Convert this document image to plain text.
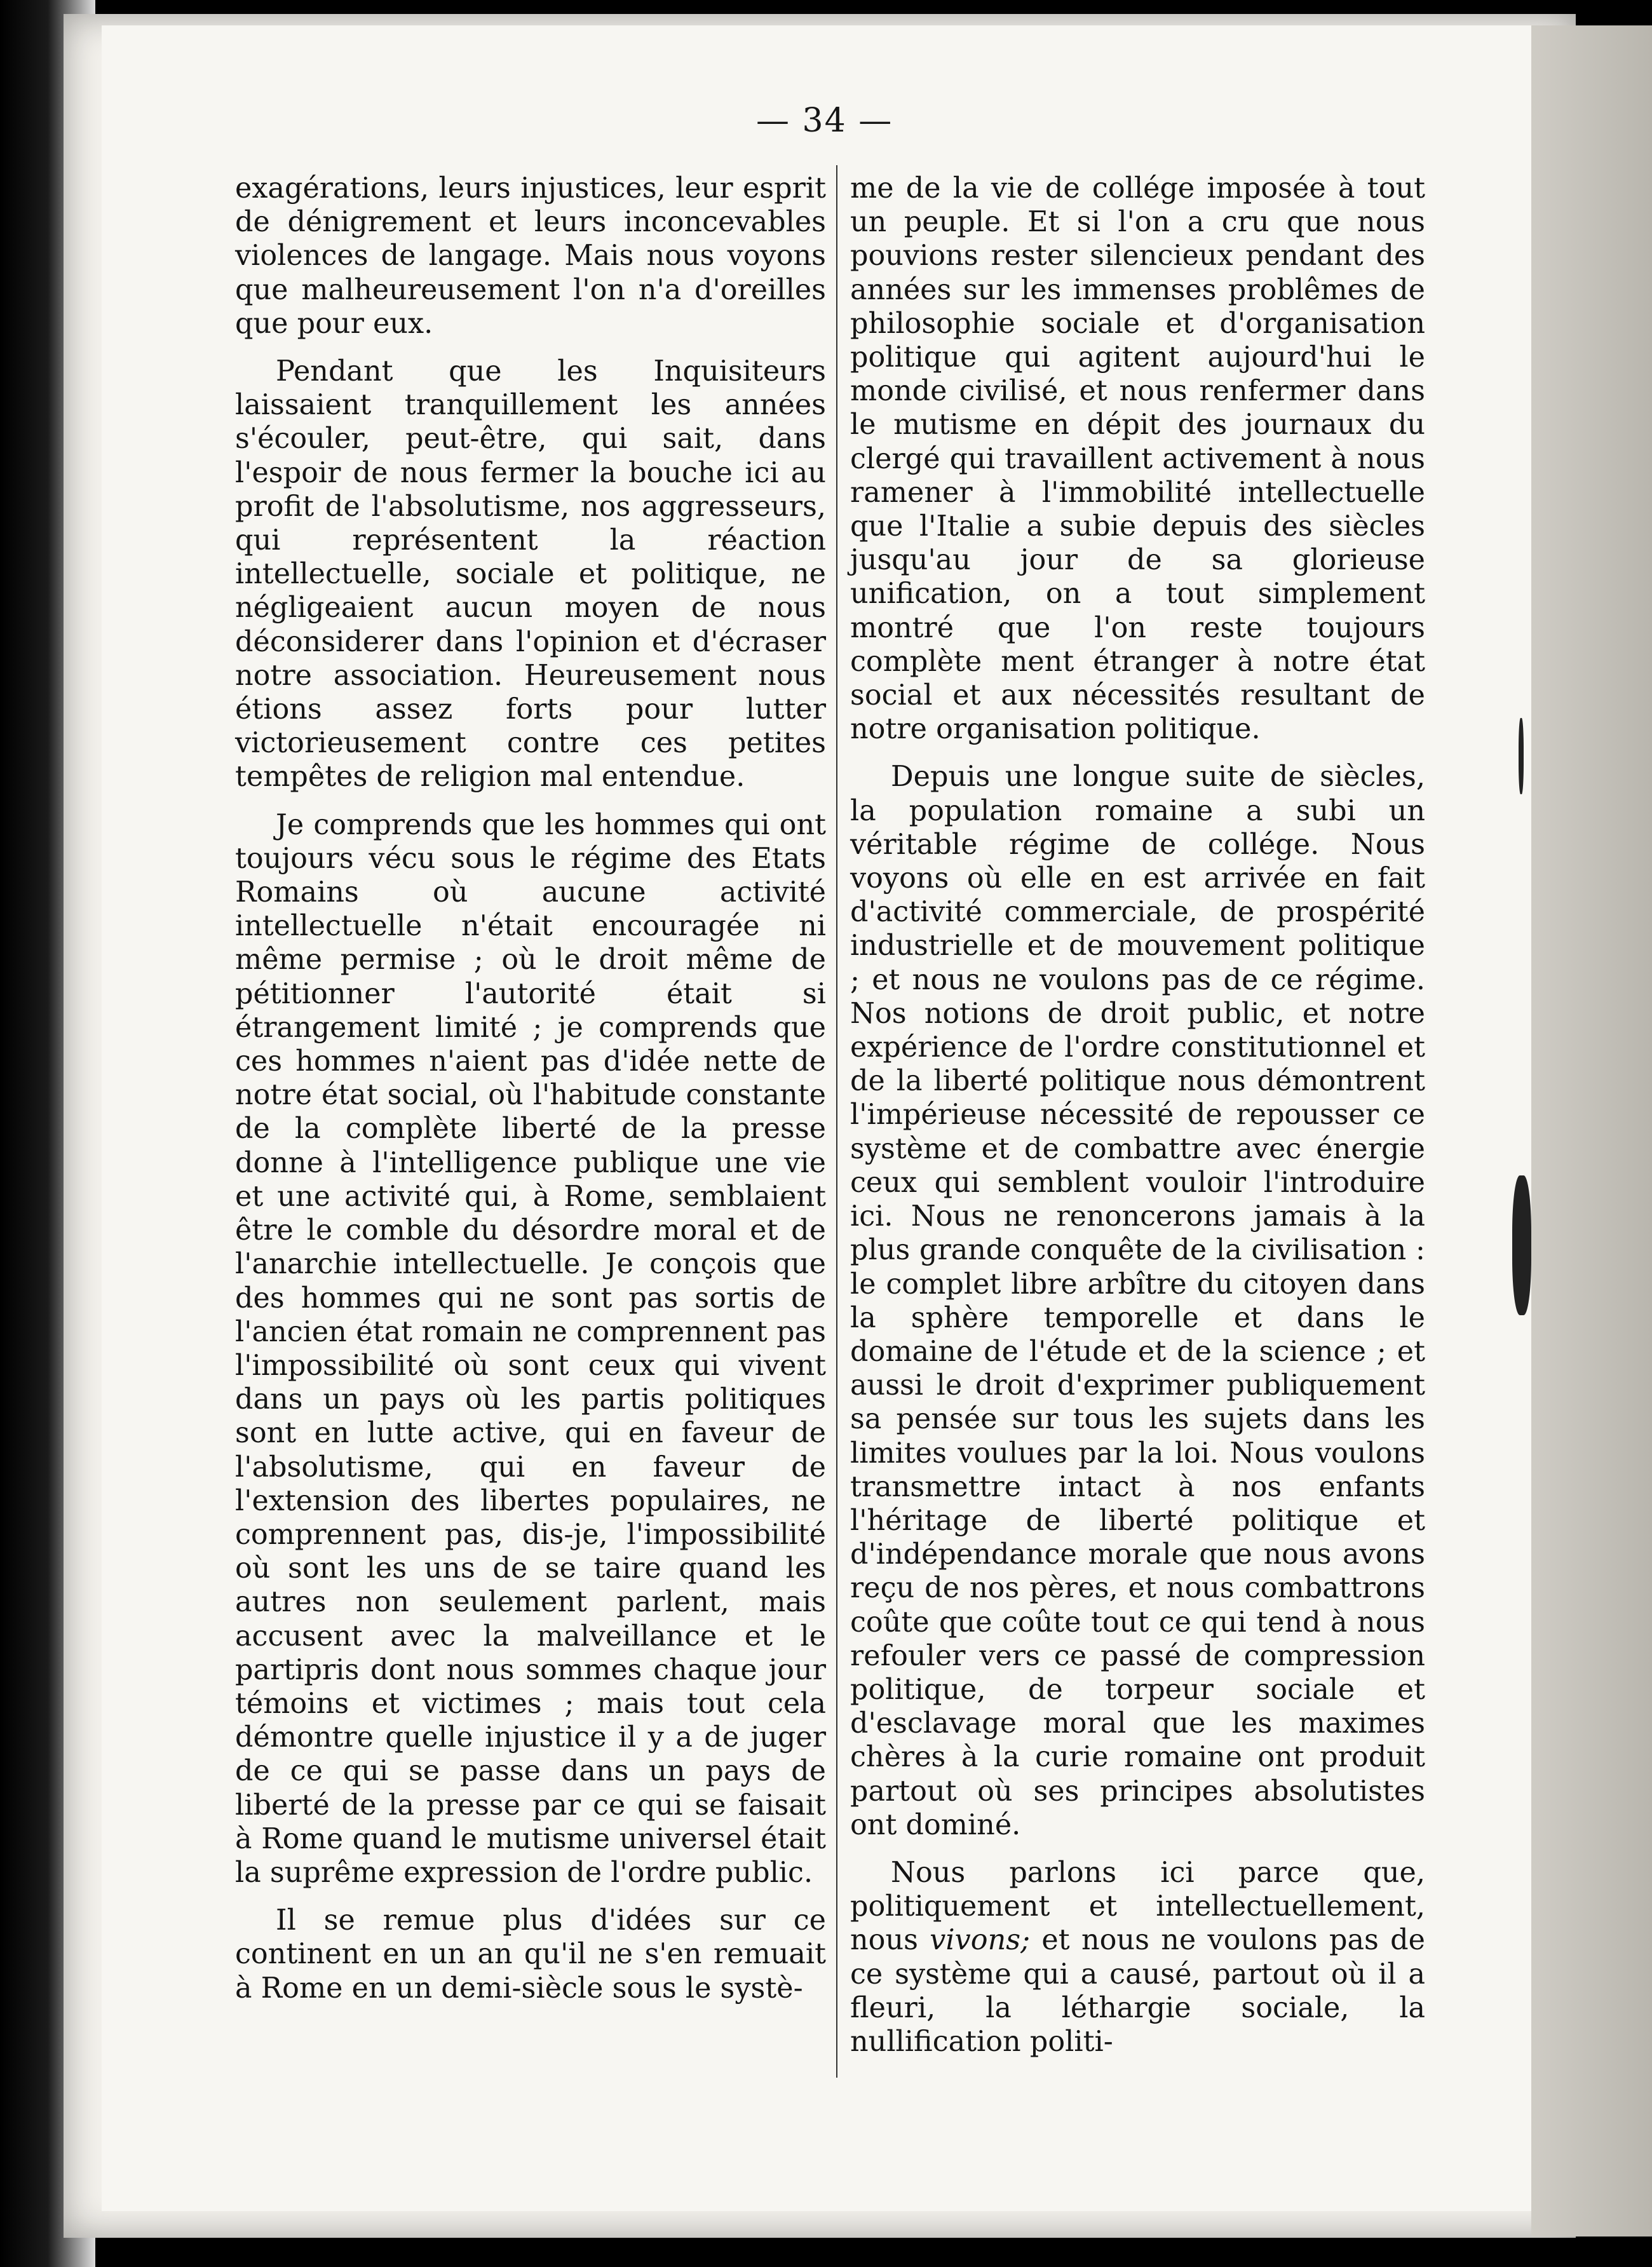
— 34 —

exagérations, leurs injustices, leur esprit de dénigrement et leurs inconcevables violences de langage. Mais nous voyons que malheureusement l'on n'a d'oreilles que pour eux.

Pendant que les Inquisiteurs laissaient tranquillement les années s'écouler, peut-être, qui sait, dans l'espoir de nous fermer la bouche ici au profit de l'absolutisme, nos aggresseurs, qui représentent la réaction intellectuelle, sociale et politique, ne négligeaient aucun moyen de nous déconsiderer dans l'opinion et d'écraser notre association. Heureusement nous étions assez forts pour lutter victorieusement contre ces petites tempêtes de religion mal entendue.

Je comprends que les hommes qui ont toujours vécu sous le régime des Etats Romains où aucune activité intellectuelle n'était encouragée ni même permise ; où le droit même de pétitionner l'autorité était si étrangement limité ; je comprends que ces hommes n'aient pas d'idée nette de notre état social, où l'habitude constante de la complète liberté de la presse donne à l'intelligence publique une vie et une activité qui, à Rome, semblaient être le comble du désordre moral et de l'anarchie intellectuelle. Je conçois que des hommes qui ne sont pas sortis de l'ancien état romain ne comprennent pas l'impossibilité où sont ceux qui vivent dans un pays où les partis politiques sont en lutte active, qui en faveur de l'absolutisme, qui en faveur de l'extension des libertes populaires, ne comprennent pas, dis-je, l'impossibilité où sont les uns de se taire quand les autres non seulement parlent, mais accusent avec la malveillance et le partipris dont nous sommes chaque jour témoins et victimes ; mais tout cela démontre quelle injustice il y a de juger de ce qui se passe dans un pays de liberté de la presse par ce qui se faisait à Rome quand le mutisme universel était la suprême expression de l'ordre public.

Il se remue plus d'idées sur ce continent en un an qu'il ne s'en remuait à Rome en un demi-siècle sous le systè-

me de la vie de collége imposée à tout un peuple. Et si l'on a cru que nous pouvions rester silencieux pendant des années sur les immenses problêmes de philosophie sociale et d'organisation politique qui agitent aujourd'hui le monde civilisé, et nous renfermer dans le mutisme en dépit des journaux du clergé qui travaillent activement à nous ramener à l'immobilité intellectuelle que l'Italie a subie depuis des siècles jusqu'au jour de sa glorieuse unification, on a tout simplement montré que l'on reste toujours complète ment étranger à notre état social et aux nécessités resultant de notre organisation politique.

Depuis une longue suite de siècles, la population romaine a subi un véritable régime de collége. Nous voyons où elle en est arrivée en fait d'activité commerciale, de prospérité industrielle et de mouvement politique ; et nous ne voulons pas de ce régime. Nos notions de droit public, et notre expérience de l'ordre constitutionnel et de la liberté politique nous démontrent l'impérieuse nécessité de repousser ce système et de combattre avec énergie ceux qui semblent vouloir l'introduire ici. Nous ne renoncerons jamais à la plus grande conquête de la civilisation : le complet libre arbître du citoyen dans la sphère temporelle et dans le domaine de l'étude et de la science ; et aussi le droit d'exprimer publiquement sa pensée sur tous les sujets dans les limites voulues par la loi. Nous voulons transmettre intact à nos enfants l'héritage de liberté politique et d'indépendance morale que nous avons reçu de nos pères, et nous combattrons coûte que coûte tout ce qui tend à nous refouler vers ce passé de compression politique, de torpeur sociale et d'esclavage moral que les maximes chères à la curie romaine ont produit partout où ses principes absolutistes ont dominé.

Nous parlons ici parce que, politiquement et intellectuellement, nous vivons; et nous ne voulons pas de ce système qui a causé, partout où il a fleuri, la léthargie sociale, la nullification politi-
